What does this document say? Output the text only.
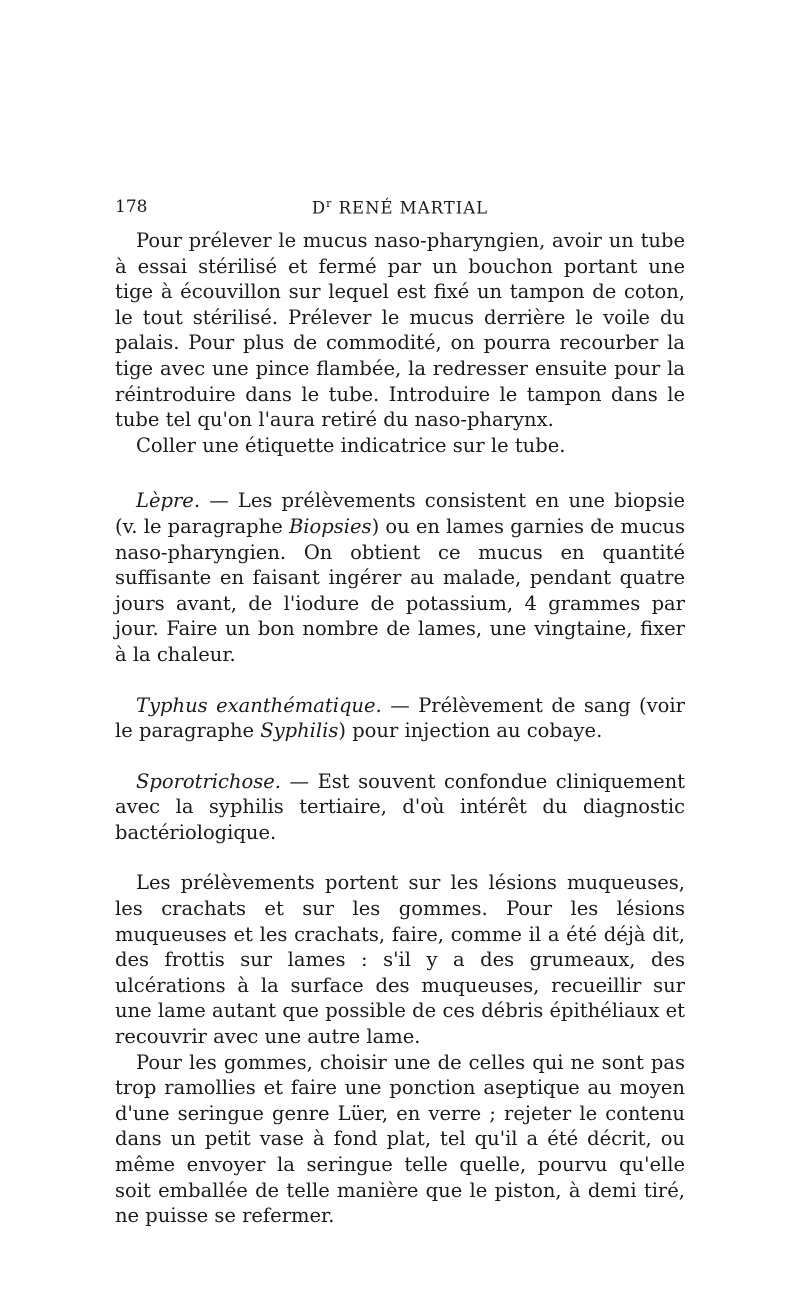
178	$D^r$ RENÉ MARTIAL

Pour prélever le mucus naso-pharyngien, avoir un tube à essai stérilisé et fermé par un bouchon portant une tige à écouvillon sur lequel est fixé un tampon de coton, le tout stérilisé. Prélever le mucus derrière le voile du palais. Pour plus de commodité, on pourra recourber la tige avec une pince flambée, la redresser ensuite pour la réintroduire dans le tube. Introduire le tampon dans le tube tel qu'on l'aura retiré du naso-pharynx.

Coller une étiquette indicatrice sur le tube.

Lèpre. — Les prélèvements consistent en une biopsie (v. le paragraphe Biopsies) ou en lames garnies de mucus naso-pharyngien. On obtient ce mucus en quantité suffisante en faisant ingérer au malade, pendant quatre jours avant, de l'iodure de potassium, 4 grammes par jour. Faire un bon nombre de lames, une vingtaine, fixer à la chaleur.

Typhus exanthématique. — Prélèvement de sang (voir le paragraphe Syphilis) pour injection au cobaye.

Sporotrichose. — Est souvent confondue cliniquement avec la syphilis tertiaire, d'où intérêt du diagnostic bactériologique.

Les prélèvements portent sur les lésions muqueuses, les crachats et sur les gommes. Pour les lésions muqueuses et les crachats, faire, comme il a été déjà dit, des frottis sur lames : s'il y a des grumeaux, des ulcérations à la surface des muqueuses, recueillir sur une lame autant que possible de ces débris épithéliaux et recouvrir avec une autre lame.

Pour les gommes, choisir une de celles qui ne sont pas trop ramollies et faire une ponction aseptique au moyen d'une seringue genre Lüer, en verre ; rejeter le contenu dans un petit vase à fond plat, tel qu'il a été décrit, ou même envoyer la seringue telle quelle, pourvu qu'elle soit emballée de telle manière que le piston, à demi tiré, ne puisse se refermer.
